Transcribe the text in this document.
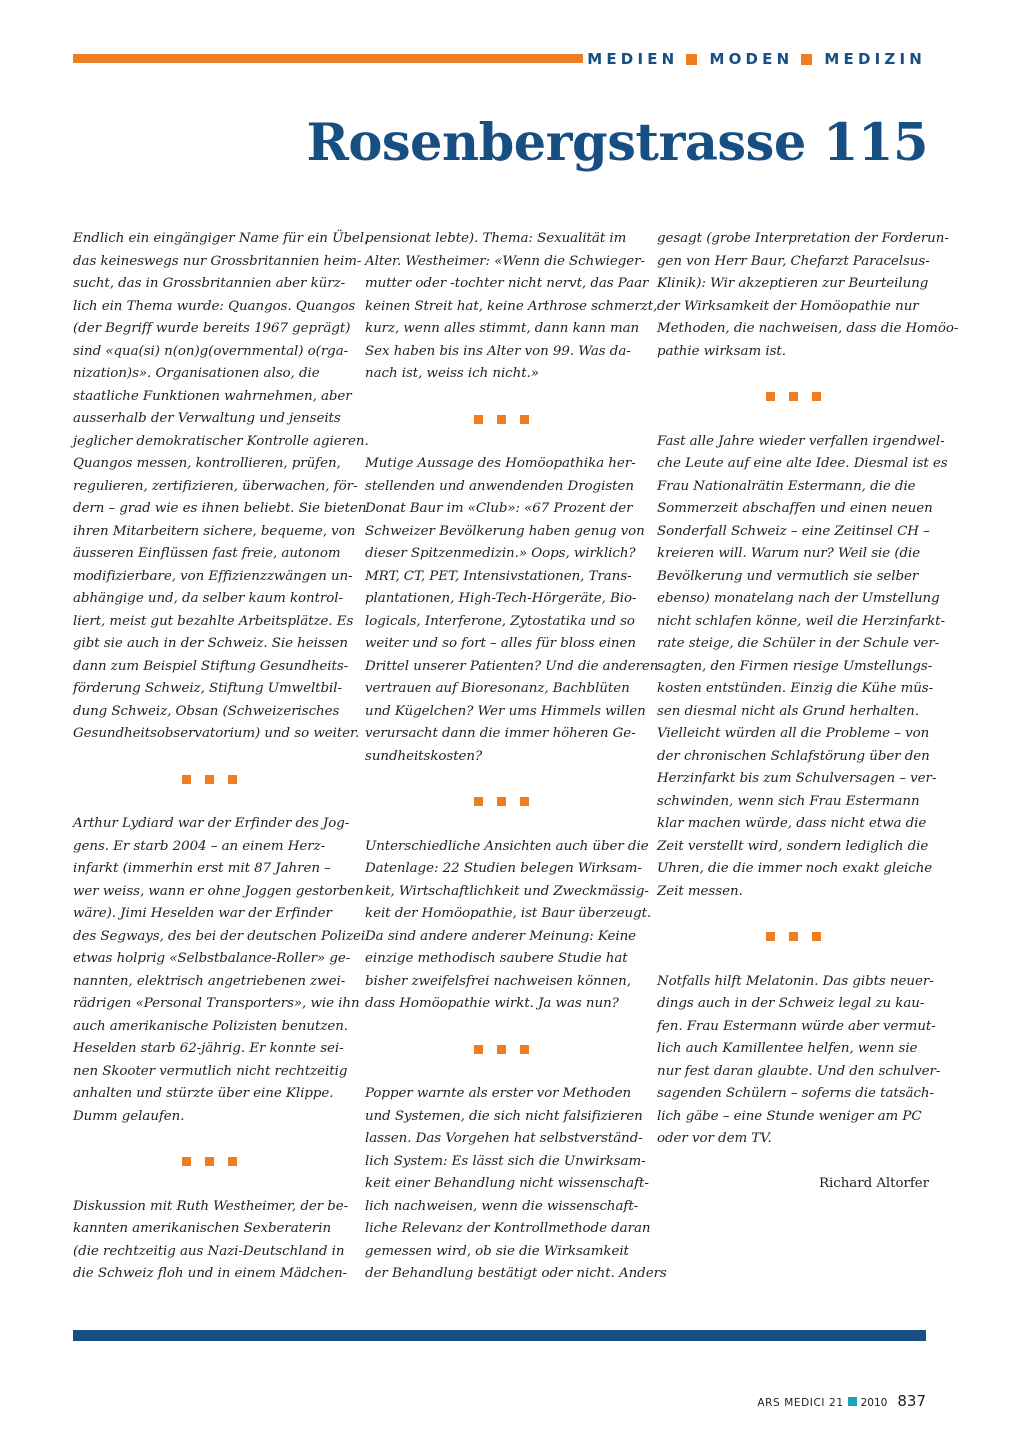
MEDIEN MODEN MEDIZIN
Rosenbergstrasse 115
Endlich ein eingängiger Name für ein Übel,
das keineswegs nur Grossbritannien heim-
sucht, das in Grossbritannien aber kürz-
lich ein Thema wurde: Quangos. Quangos
(der Begriff wurde bereits 1967 geprägt)
sind «qua(si) n(on)g(overnmental) o(rga-
nization)s». Organisationen also, die
staatliche Funktionen wahrnehmen, aber
ausserhalb der Verwaltung und jenseits
jeglicher demokratischer Kontrolle agieren.
Quangos messen, kontrollieren, prüfen,
regulieren, zertifizieren, überwachen, för-
dern – grad wie es ihnen beliebt. Sie bieten
ihren Mitarbeitern sichere, bequeme, von
äusseren Einflüssen fast freie, autonom
modifizierbare, von Effizienzzwängen un-
abhängige und, da selber kaum kontrol-
liert, meist gut bezahlte Arbeitsplätze. Es
gibt sie auch in der Schweiz. Sie heissen
dann zum Beispiel Stiftung Gesundheits-
förderung Schweiz, Stiftung Umweltbil-
dung Schweiz, Obsan (Schweizerisches
Gesundheitsobservatorium) und so weiter.
Arthur Lydiard war der Erfinder des Jog-
gens. Er starb 2004 – an einem Herz-
infarkt (immerhin erst mit 87 Jahren –
wer weiss, wann er ohne Joggen gestorben
wäre). Jimi Heselden war der Erfinder
des Segways, des bei der deutschen Polizei
etwas holprig «Selbstbalance-Roller» ge-
nannten, elektrisch angetriebenen zwei-
rädrigen «Personal Transporters», wie ihn
auch amerikanische Polizisten benutzen.
Heselden starb 62-jährig. Er konnte sei-
nen Skooter vermutlich nicht rechtzeitig
anhalten und stürzte über eine Klippe.
Dumm gelaufen.
Diskussion mit Ruth Westheimer, der be-
kannten amerikanischen Sexberaterin
(die rechtzeitig aus Nazi-Deutschland in
die Schweiz floh und in einem Mädchen-
pensionat lebte). Thema: Sexualität im
Alter. Westheimer: «Wenn die Schwieger-
mutter oder -tochter nicht nervt, das Paar
keinen Streit hat, keine Arthrose schmerzt,
kurz, wenn alles stimmt, dann kann man
Sex haben bis ins Alter von 99. Was da-
nach ist, weiss ich nicht.»
Mutige Aussage des Homöopathika her-
stellenden und anwendenden Drogisten
Donat Baur im «Club»: «67 Prozent der
Schweizer Bevölkerung haben genug von
dieser Spitzenmedizin.» Oops, wirklich?
MRT, CT, PET, Intensivstationen, Trans-
plantationen, High-Tech-Hörgeräte, Bio-
logicals, Interferone, Zytostatika und so
weiter und so fort – alles für bloss einen
Drittel unserer Patienten? Und die anderen
vertrauen auf Bioresonanz, Bachblüten
und Kügelchen? Wer ums Himmels willen
verursacht dann die immer höheren Ge-
sundheitskosten?
Unterschiedliche Ansichten auch über die
Datenlage: 22 Studien belegen Wirksam-
keit, Wirtschaftlichkeit und Zweckmässig-
keit der Homöopathie, ist Baur überzeugt.
Da sind andere anderer Meinung: Keine
einzige methodisch saubere Studie hat
bisher zweifelsfrei nachweisen können,
dass Homöopathie wirkt. Ja was nun?
Popper warnte als erster vor Methoden
und Systemen, die sich nicht falsifizieren
lassen. Das Vorgehen hat selbstverständ-
lich System: Es lässt sich die Unwirksam-
keit einer Behandlung nicht wissenschaft-
lich nachweisen, wenn die wissenschaft-
liche Relevanz der Kontrollmethode daran
gemessen wird, ob sie die Wirksamkeit
der Behandlung bestätigt oder nicht. Anders
gesagt (grobe Interpretation der Forderun-
gen von Herr Baur, Chefarzt Paracelsus-
Klinik): Wir akzeptieren zur Beurteilung
der Wirksamkeit der Homöopathie nur
Methoden, die nachweisen, dass die Homöo-
pathie wirksam ist.
Fast alle Jahre wieder verfallen irgendwel-
che Leute auf eine alte Idee. Diesmal ist es
Frau Nationalrätin Estermann, die die
Sommerzeit abschaffen und einen neuen
Sonderfall Schweiz – eine Zeitinsel CH –
kreieren will. Warum nur? Weil sie (die
Bevölkerung und vermutlich sie selber
ebenso) monatelang nach der Umstellung
nicht schlafen könne, weil die Herzinfarkt-
rate steige, die Schüler in der Schule ver-
sagten, den Firmen riesige Umstellungs-
kosten entstünden. Einzig die Kühe müs-
sen diesmal nicht als Grund herhalten.
Vielleicht würden all die Probleme – von
der chronischen Schlafstörung über den
Herzinfarkt bis zum Schulversagen – ver-
schwinden, wenn sich Frau Estermann
klar machen würde, dass nicht etwa die
Zeit verstellt wird, sondern lediglich die
Uhren, die die immer noch exakt gleiche
Zeit messen.
Notfalls hilft Melatonin. Das gibts neuer-
dings auch in der Schweiz legal zu kau-
fen. Frau Estermann würde aber vermut-
lich auch Kamillentee helfen, wenn sie
nur fest daran glaubte. Und den schulver-
sagenden Schülern – soferns die tatsäch-
lich gäbe – eine Stunde weniger am PC
oder vor dem TV.
Richard Altorfer
ARS MEDICI 21 2010 837
